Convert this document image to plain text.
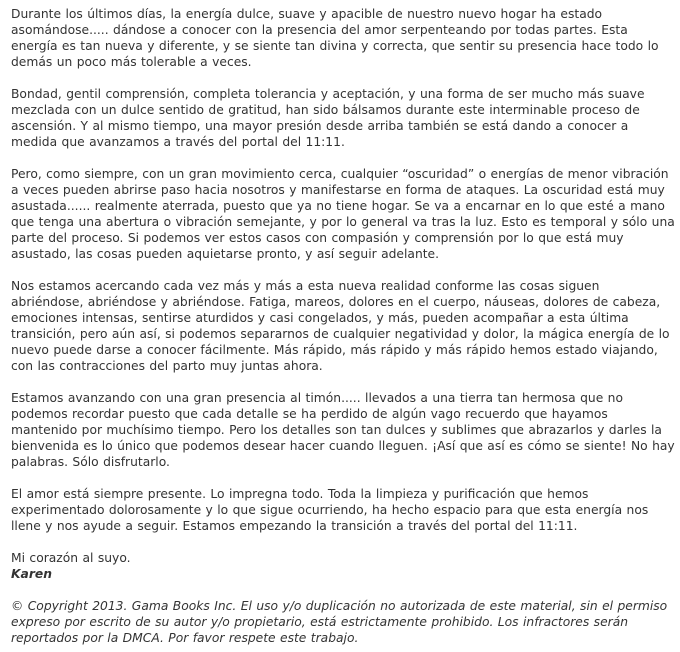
Durante los últimos días, la energía dulce, suave y apacible de nuestro nuevo hogar ha estado asomándose..... dándose a conocer con la presencia del amor serpenteando por todas partes. Esta energía es tan nueva y diferente, y se siente tan divina y correcta, que sentir su presencia hace todo lo demás un poco más tolerable a veces.

Bondad, gentil comprensión, completa tolerancia y aceptación, y una forma de ser mucho más suave mezclada con un dulce sentido de gratitud, han sido bálsamos durante este interminable proceso de ascensión. Y al mismo tiempo, una mayor presión desde arriba también se está dando a conocer a medida que avanzamos a través del portal del 11:11.

Pero, como siempre, con un gran movimiento cerca, cualquier “oscuridad” o energías de menor vibración a veces pueden abrirse paso hacia nosotros y manifestarse en forma de ataques. La oscuridad está muy asustada...... realmente aterrada, puesto que ya no tiene hogar. Se va a encarnar en lo que esté a mano que tenga una abertura o vibración semejante, y por lo general va tras la luz. Esto es temporal y sólo una parte del proceso. Si podemos ver estos casos con compasión y comprensión por lo que está muy asustado, las cosas pueden aquietarse pronto, y así seguir adelante.

Nos estamos acercando cada vez más y más a esta nueva realidad conforme las cosas siguen abriéndose, abriéndose y abriéndose. Fatiga, mareos, dolores en el cuerpo, náuseas, dolores de cabeza, emociones intensas, sentirse aturdidos y casi congelados, y más, pueden acompañar a esta última transición, pero aún así, si podemos separarnos de cualquier negatividad y dolor, la mágica energía de lo nuevo puede darse a conocer fácilmente. Más rápido, más rápido y más rápido hemos estado viajando, con las contracciones del parto muy juntas ahora.

Estamos avanzando con una gran presencia al timón..... llevados a una tierra tan hermosa que no podemos recordar puesto que cada detalle se ha perdido de algún vago recuerdo que hayamos mantenido por muchísimo tiempo. Pero los detalles son tan dulces y sublimes que abrazarlos y darles la bienvenida es lo único que podemos desear hacer cuando lleguen. ¡Así que así es cómo se siente! No hay palabras. Sólo disfrutarlo.

El amor está siempre presente. Lo impregna todo. Toda la limpieza y purificación que hemos experimentado dolorosamente y lo que sigue ocurriendo, ha hecho espacio para que esta energía nos llene y nos ayude a seguir. Estamos empezando la transición a través del portal del 11:11.

Mi corazón al suyo.
Karen

© Copyright 2013. Gama Books Inc. El uso y/o duplicación no autorizada de este material, sin el permiso expreso por escrito de su autor y/o propietario, está estrictamente prohibido. Los infractores serán reportados por la DMCA. Por favor respete este trabajo.
